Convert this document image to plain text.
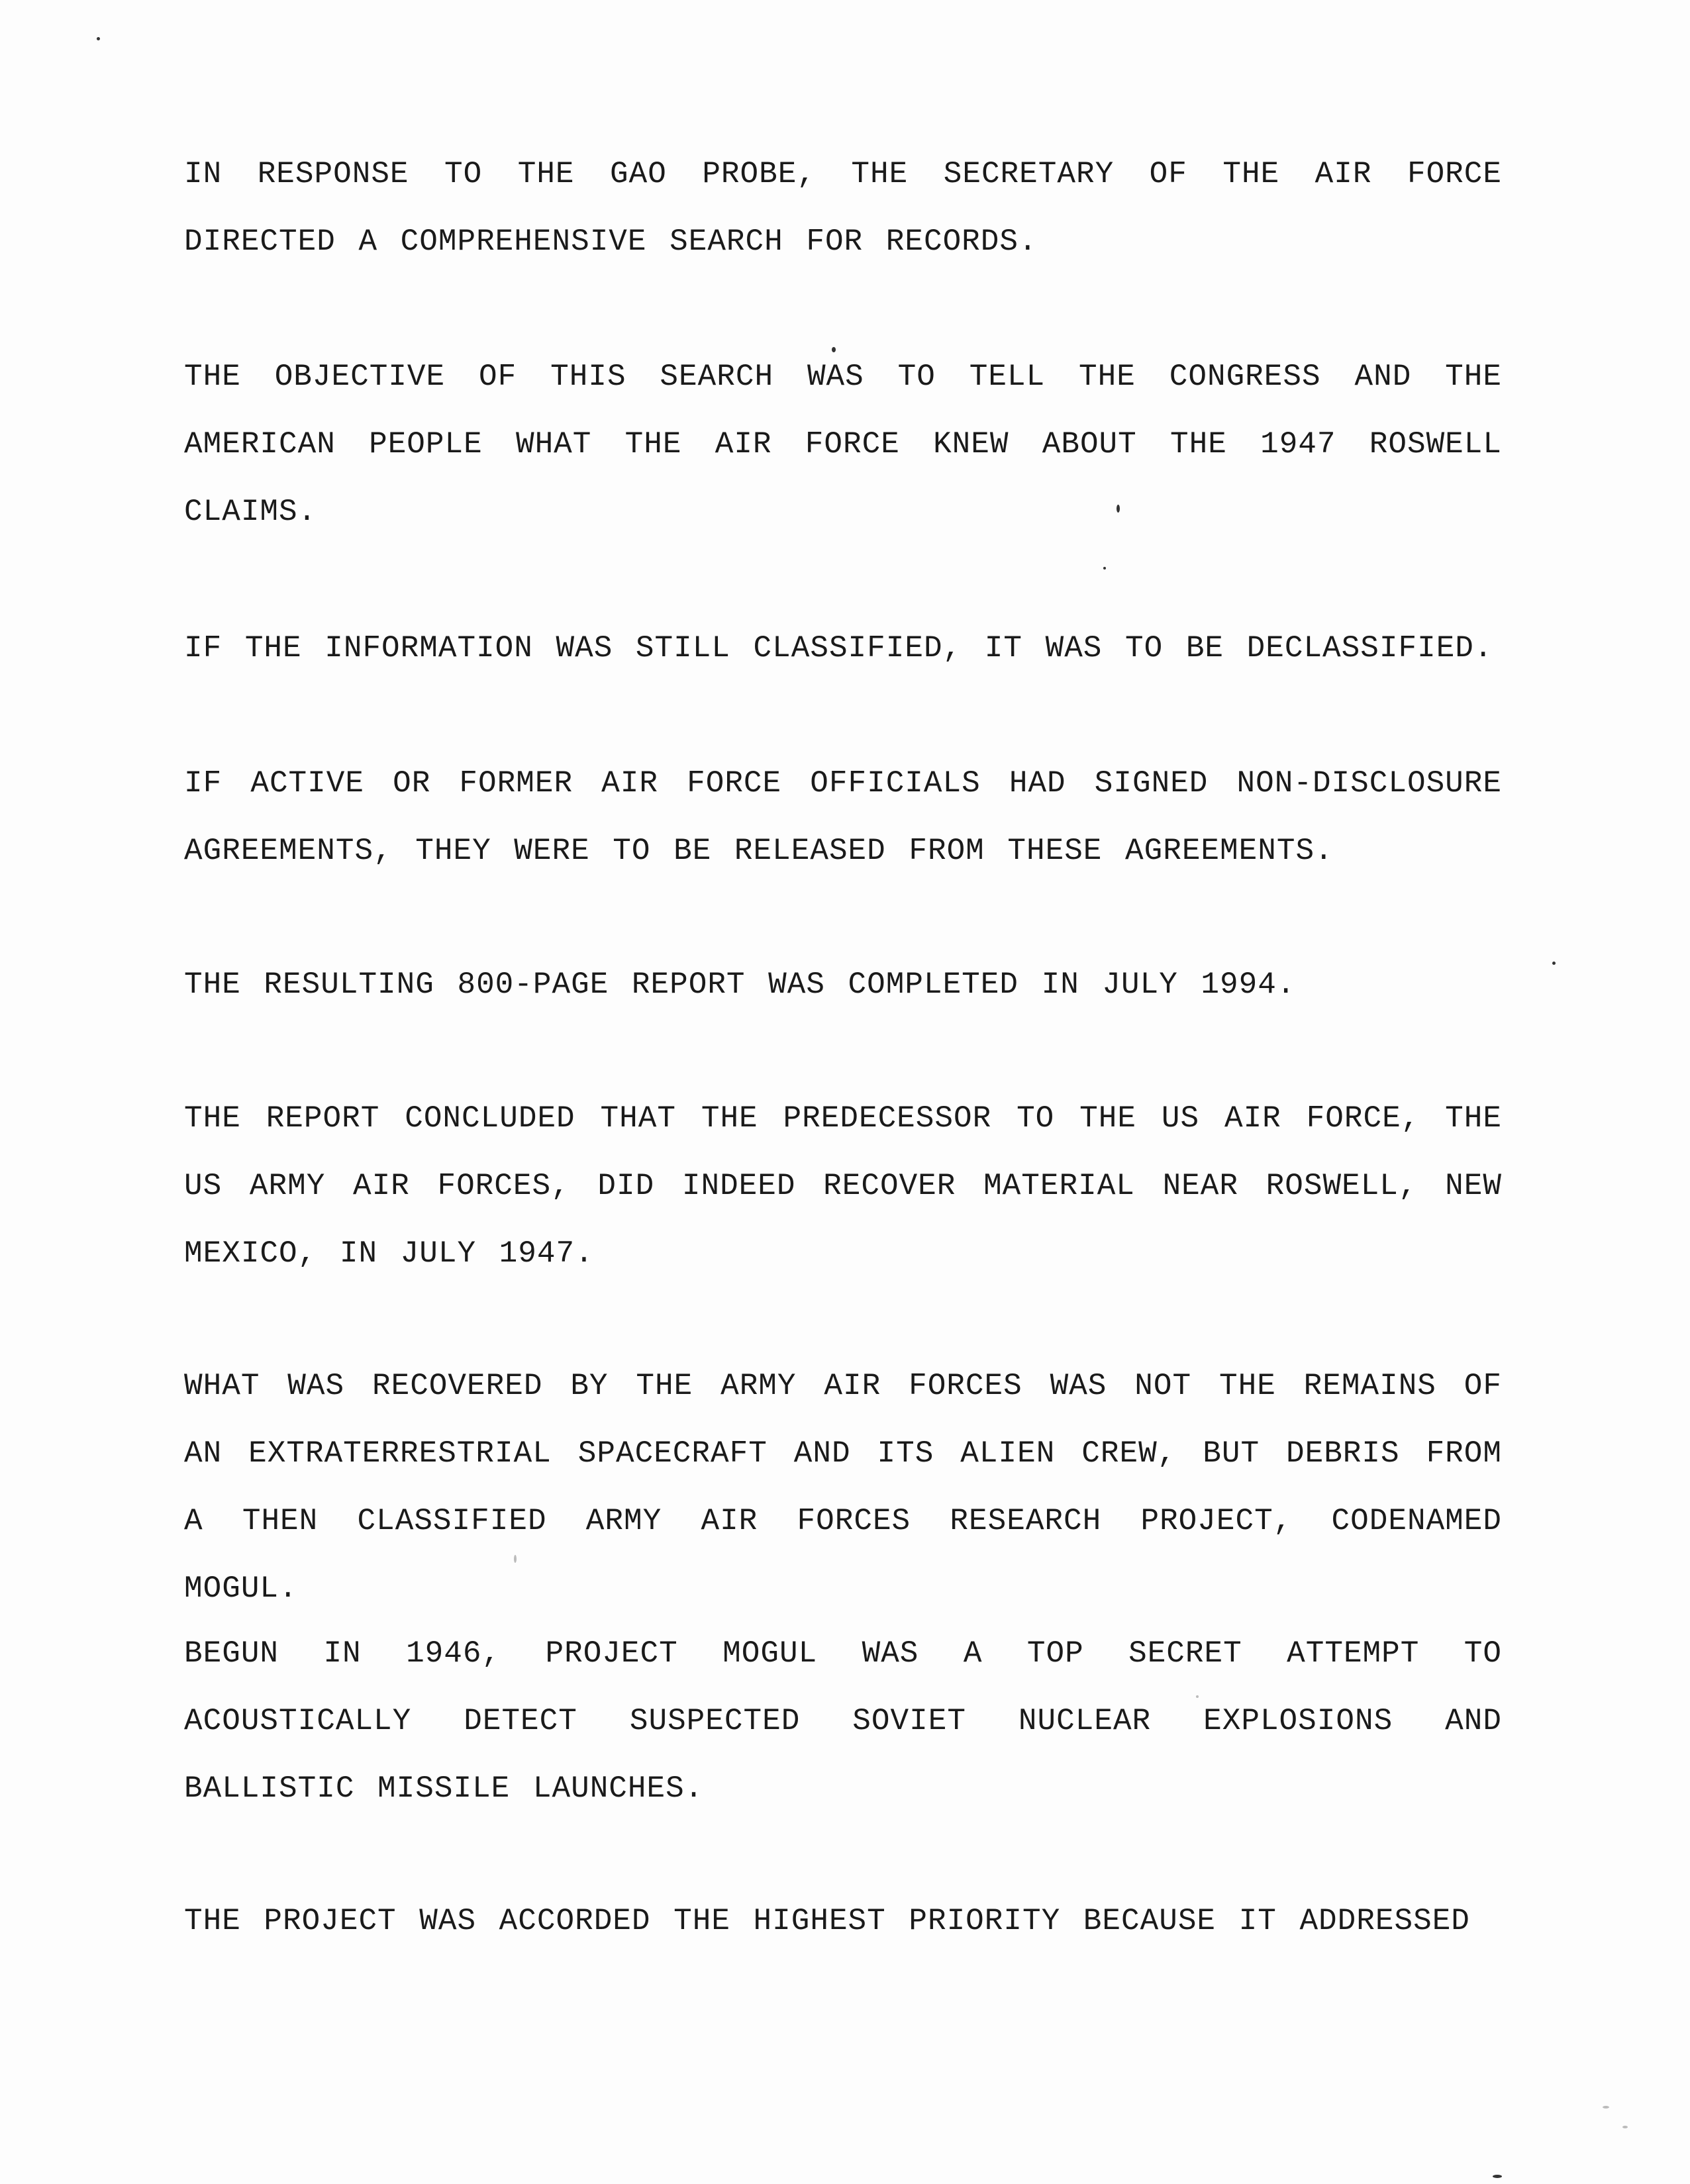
IN RESPONSE TO THE GAO PROBE, THE SECRETARY OF THE AIR FORCE DIRECTED A COMPREHENSIVE SEARCH FOR RECORDS.

THE OBJECTIVE OF THIS SEARCH WAS TO TELL THE CONGRESS AND THE AMERICAN PEOPLE WHAT THE AIR FORCE KNEW ABOUT THE 1947 ROSWELL CLAIMS.

IF THE INFORMATION WAS STILL CLASSIFIED, IT WAS TO BE DECLASSIFIED.

IF ACTIVE OR FORMER AIR FORCE OFFICIALS HAD SIGNED NON-DISCLOSURE AGREEMENTS, THEY WERE TO BE RELEASED FROM THESE AGREEMENTS.

THE RESULTING 800-PAGE REPORT WAS COMPLETED IN JULY 1994.

THE REPORT CONCLUDED THAT THE PREDECESSOR TO THE US AIR FORCE, THE US ARMY AIR FORCES, DID INDEED RECOVER MATERIAL NEAR ROSWELL, NEW MEXICO, IN JULY 1947.

WHAT WAS RECOVERED BY THE ARMY AIR FORCES WAS NOT THE REMAINS OF AN EXTRATERRESTRIAL SPACECRAFT AND ITS ALIEN CREW, BUT DEBRIS FROM A THEN CLASSIFIED ARMY AIR FORCES RESEARCH PROJECT, CODENAMED MOGUL.

BEGUN IN 1946, PROJECT MOGUL WAS A TOP SECRET ATTEMPT TO ACOUSTICALLY DETECT SUSPECTED SOVIET NUCLEAR EXPLOSIONS AND BALLISTIC MISSILE LAUNCHES.

THE PROJECT WAS ACCORDED THE HIGHEST PRIORITY BECAUSE IT ADDRESSED
